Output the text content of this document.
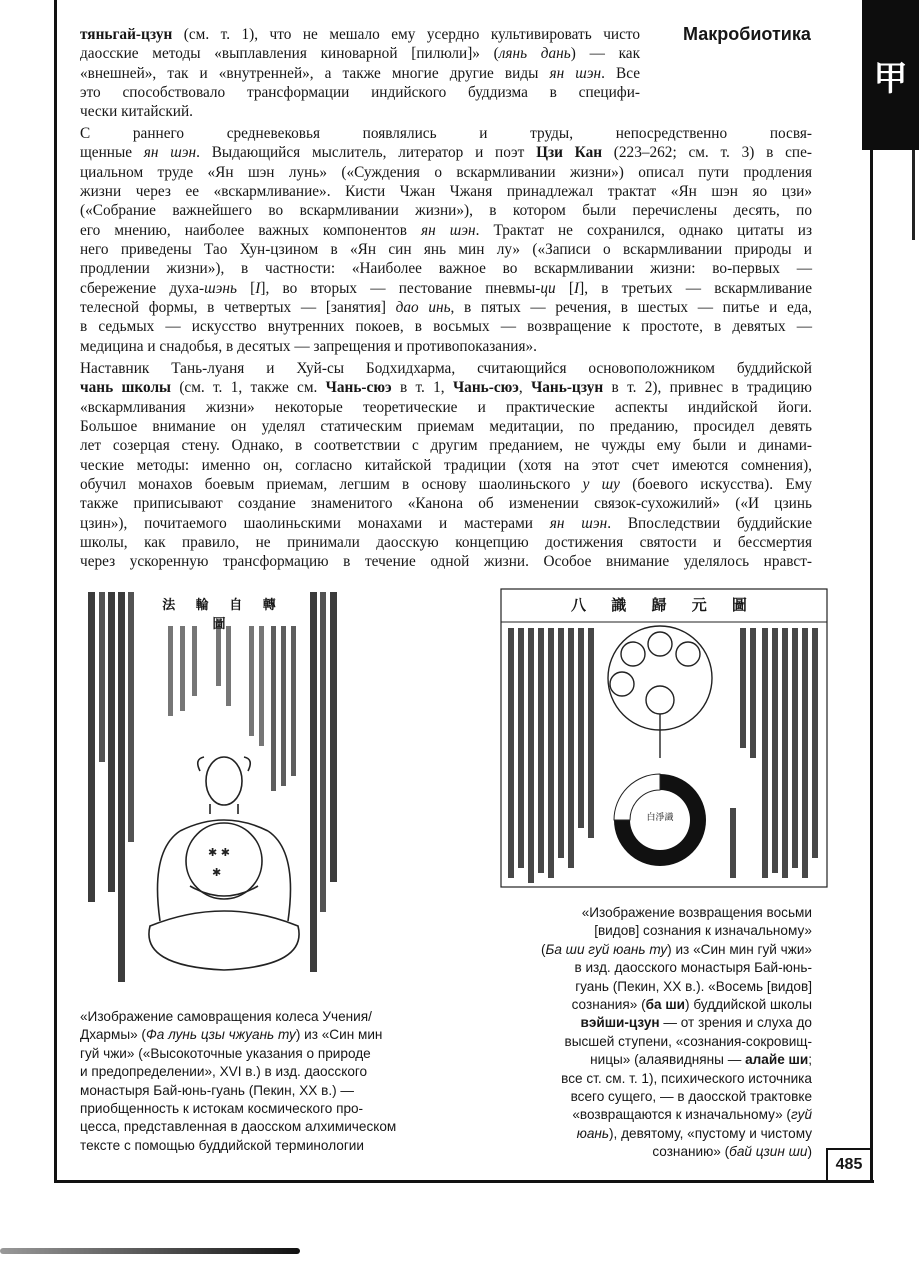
甲
Макробиотика
тяньгай-цзун (см. т. 1), что не мешало ему усердно культивировать чисто
даосские методы «выплавления киноварной [пилюли]» (лянь дань) — как
«внешней», так и «внутренней», а также многие другие виды ян шэн. Все
это способствовало трансформации индийского буддизма в специфи-
чески китайский.
С раннего средневековья появлялись и труды, непосредственно посвя-
щенные ян шэн. Выдающийся мыслитель, литератор и поэт Цзи Кан (223–262; см. т. 3) в спе-
циальном труде «Ян шэн лунь» («Суждения о вскармливании жизни») описал пути продления
жизни через ее «вскармливание». Кисти Чжан Чжаня принадлежал трактат «Ян шэн яо цзи»
(«Собрание важнейшего во вскармливании жизни»), в котором были перечислены десять, по
его мнению, наиболее важных компонентов ян шэн. Трактат не сохранился, однако цитаты из
него приведены Тао Хун-цзином в «Ян син янь мин лу» («Записи о вскармливании природы и
продлении жизни»), в частности: «Наиболее важное во вскармливании жизни: во-первых —
сбережение духа-шэнь [I], во вторых — пестование пневмы-ци [I], в третьих — вскармливание
телесной формы, в четвертых — [занятия] дао инь, в пятых — речения, в шестых — питье и еда,
в седьмых — искусство внутренних покоев, в восьмых — возвращение к простоте, в девятых —
медицина и снадобья, в десятых — запрещения и противопоказания».
Наставник Тань-луаня и Хуй-сы Бодхидхарма, считающийся основоположником буддийской
чань школы (см. т. 1, также см. Чань-сюэ в т. 1, Чань-сюэ, Чань-цзун в т. 2), привнес в традицию
«вскармливания жизни» некоторые теоретические и практические аспекты индийской йоги.
Большое внимание он уделял статическим приемам медитации, по преданию, просидел девять
лет созерцая стену. Однако, в соответствии с другим преданием, не чужды ему были и динами-
ческие методы: именно он, согласно китайской традиции (хотя на этот счет имеются сомнения),
обучил монахов боевым приемам, легшим в основу шаолиньского у шу (боевого искусства). Ему
также приписывают создание знаменитого «Канона об изменении связок-сухожилий» («И цзинь
цзин»), почитаемого шаолиньскими монахами и мастерами ян шэн. Впоследствии буддийские
школы, как правило, не принимали даосскую концепцию достижения святости и бессмертия
через ускоренную трансформацию в течение одной жизни. Особое внимание уделялось нравст-
✱ ✱
✱
法 輪 自 轉 圖
八 識 歸 元 圖
白淨識
«Изображение самовращения колеса Учения/
Дхармы» (Фа лунь цзы чжуань ту) из «Син мин
гуй чжи» («Высокоточные указания о природе
и предопределении», XVI в.) в изд. даосского
монастыря Бай-юнь-гуань (Пекин, XX в.) —
приобщенность к истокам космического про-
цесса, представленная в даосском алхимическом
тексте с помощью буддийской терминологии
«Изображение возвращения восьми
[видов] сознания к изначальному»
(Ба ши гуй юань ту) из «Син мин гуй чжи»
в изд. даосского монастыря Бай-юнь-
гуань (Пекин, XX в.). «Восемь [видов]
сознания» (ба ши) буддийской школы
вэйши-цзун — от зрения и слуха до
высшей ступени, «сознания-сокровищ-
ницы» (алаявидняны — алайе ши;
все ст. см. т. 1), психического источника
всего сущего, — в даосской трактовке
«возвращаются к изначальному» (гуй
юань), девятому, «пустому и чистому
сознанию» (бай цзин ши)
485
